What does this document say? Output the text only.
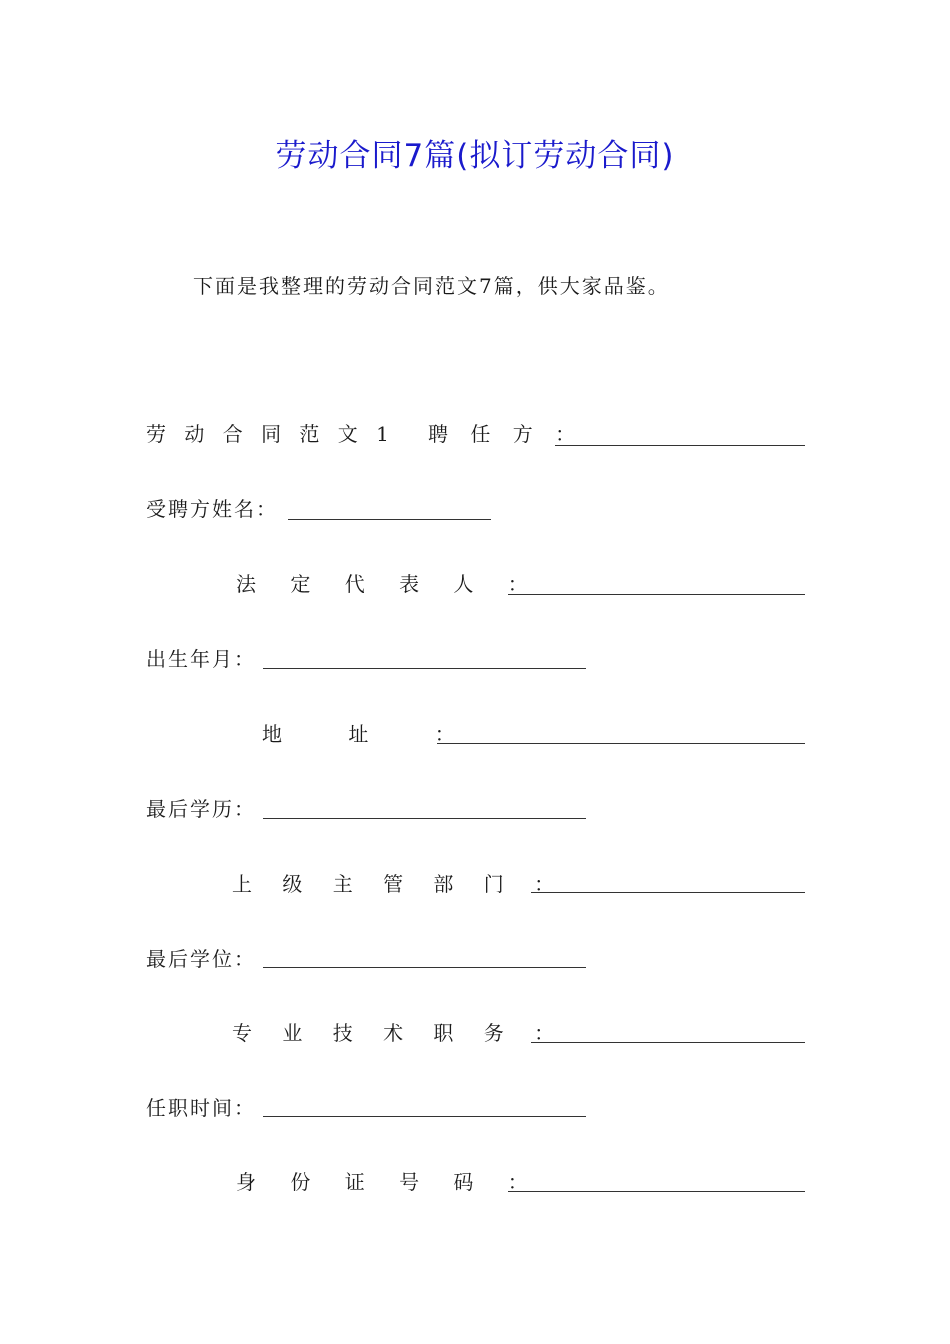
劳动合同7篇(拟订劳动合同)
下面是我整理的劳动合同范文7篇，供大家品鉴。
劳 动 合 同 范 文 1 聘 任 方 ：
受聘方姓名：
法 定 代 表 人 ：
出生年月：
地 址 ：
最后学历：
上 级 主 管 部 门 ：
最后学位：
专 业 技 术 职 务 ：
任职时间：
身 份 证 号 码 ：
